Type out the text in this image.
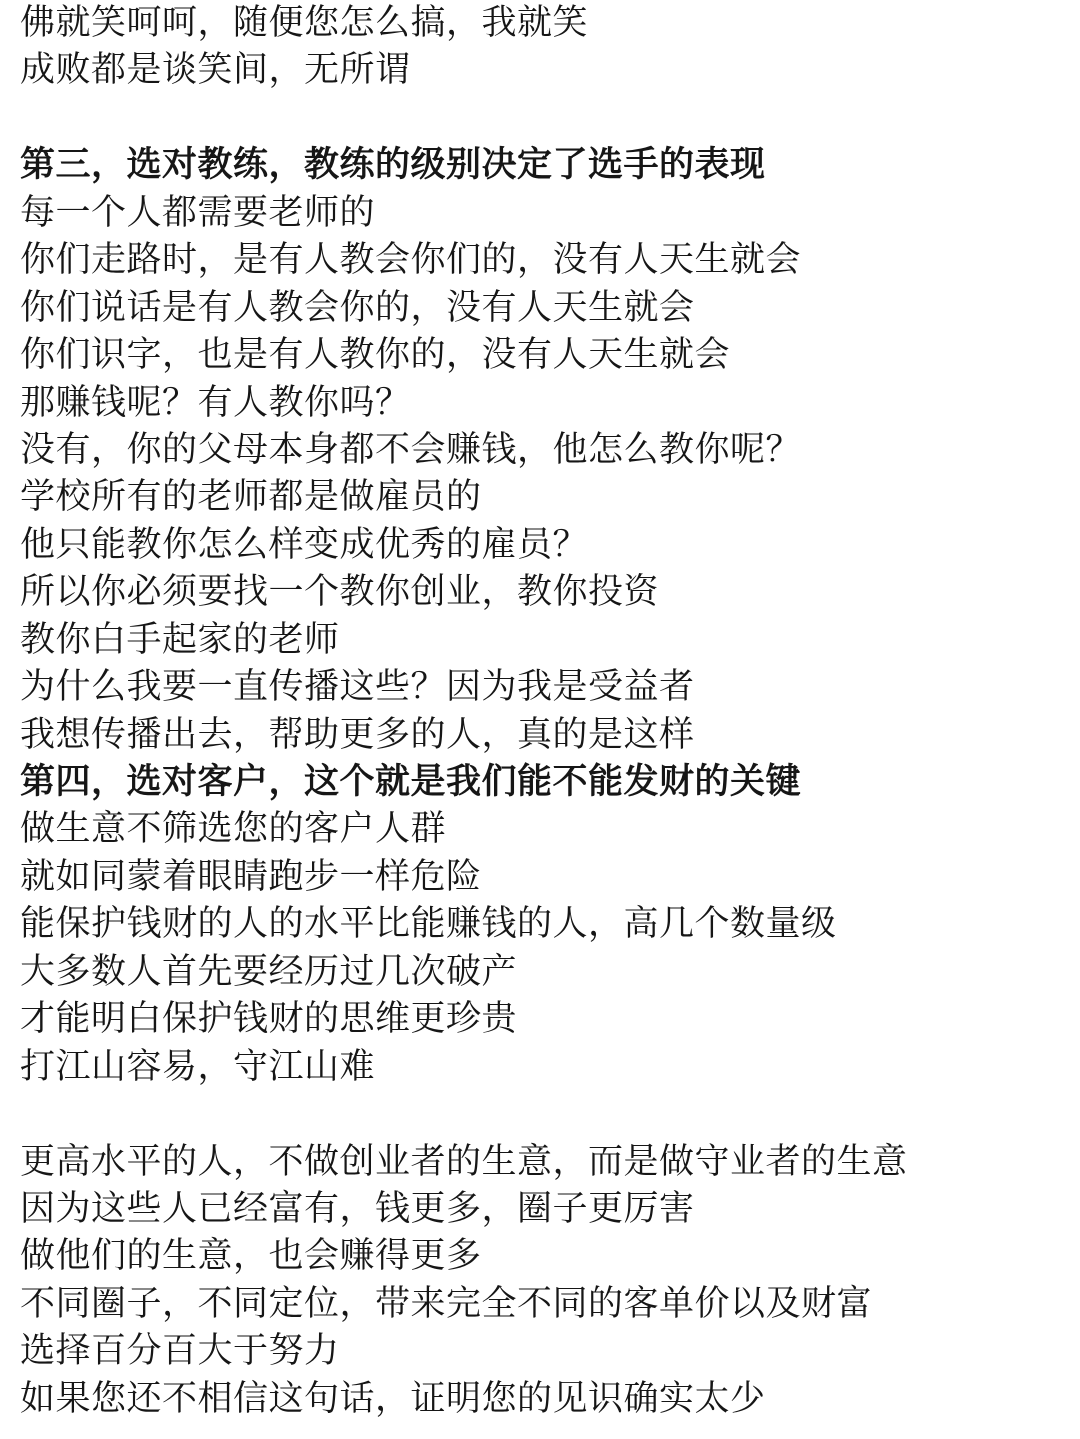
佛就笑呵呵，随便您怎么搞，我就笑
成败都是谈笑间，无所谓
第三，选对教练，教练的级别决定了选手的表现
每一个人都需要老师的
你们走路时，是有人教会你们的，没有人天生就会
你们说话是有人教会你的，没有人天生就会
你们识字，也是有人教你的，没有人天生就会
那赚钱呢？有人教你吗？
没有，你的父母本身都不会赚钱，他怎么教你呢？
学校所有的老师都是做雇员的
他只能教你怎么样变成优秀的雇员？
所以你必须要找一个教你创业，教你投资
教你白手起家的老师
为什么我要一直传播这些？因为我是受益者
我想传播出去，帮助更多的人，真的是这样
第四，选对客户，这个就是我们能不能发财的关键
做生意不筛选您的客户人群
就如同蒙着眼睛跑步一样危险
能保护钱财的人的水平比能赚钱的人，高几个数量级
大多数人首先要经历过几次破产
才能明白保护钱财的思维更珍贵
打江山容易，守江山难
更高水平的人，不做创业者的生意，而是做守业者的生意
因为这些人已经富有，钱更多，圈子更厉害
做他们的生意，也会赚得更多
不同圈子，不同定位，带来完全不同的客单价以及财富
选择百分百大于努力
如果您还不相信这句话，证明您的见识确实太少
